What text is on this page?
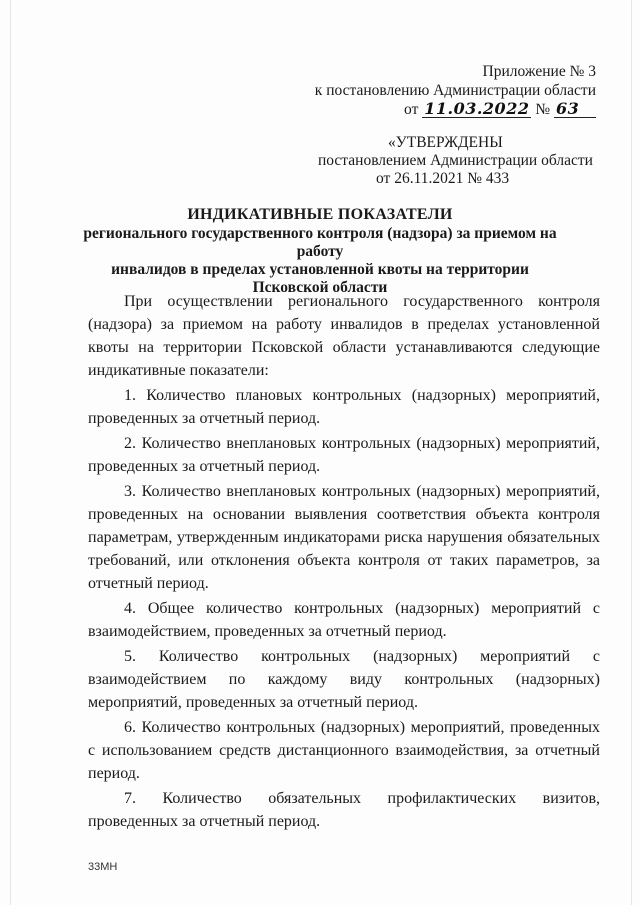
Приложение № 3
к постановлению Администрации области
от 11.03.2022 № 63
«УТВЕРЖДЕНЫ
постановлением Администрации области
от 26.11.2021 № 433
ИНДИКАТИВНЫЕ ПОКАЗАТЕЛИ
регионального государственного контроля (надзора) за приемом на работу
инвалидов в пределах установленной квоты на территории
Псковской области

При осуществлении регионального государственного контроля (надзора) за приемом на работу инвалидов в пределах установленной квоты на территории Псковской области устанавливаются следующие индикативные показатели:

1. Количество плановых контрольных (надзорных) мероприятий, проведенных за отчетный период.

2. Количество внеплановых контрольных (надзорных) мероприятий, проведенных за отчетный период.

3. Количество внеплановых контрольных (надзорных) мероприятий, проведенных на основании выявления соответствия объекта контроля параметрам, утвержденным индикаторами риска нарушения обязательных требований, или отклонения объекта контроля от таких параметров, за отчетный период.

4. Общее количество контрольных (надзорных) мероприятий с взаимодействием, проведенных за отчетный период.

5. Количество контрольных (надзорных) мероприятий с взаимодействием по каждому виду контрольных (надзорных) мероприятий, проведенных за отчетный период.

6. Количество контрольных (надзорных) мероприятий, проведенных с использованием средств дистанционного взаимодействия, за отчетный период.

7. Количество обязательных профилактических визитов, проведенных за отчетный период.

33МН
